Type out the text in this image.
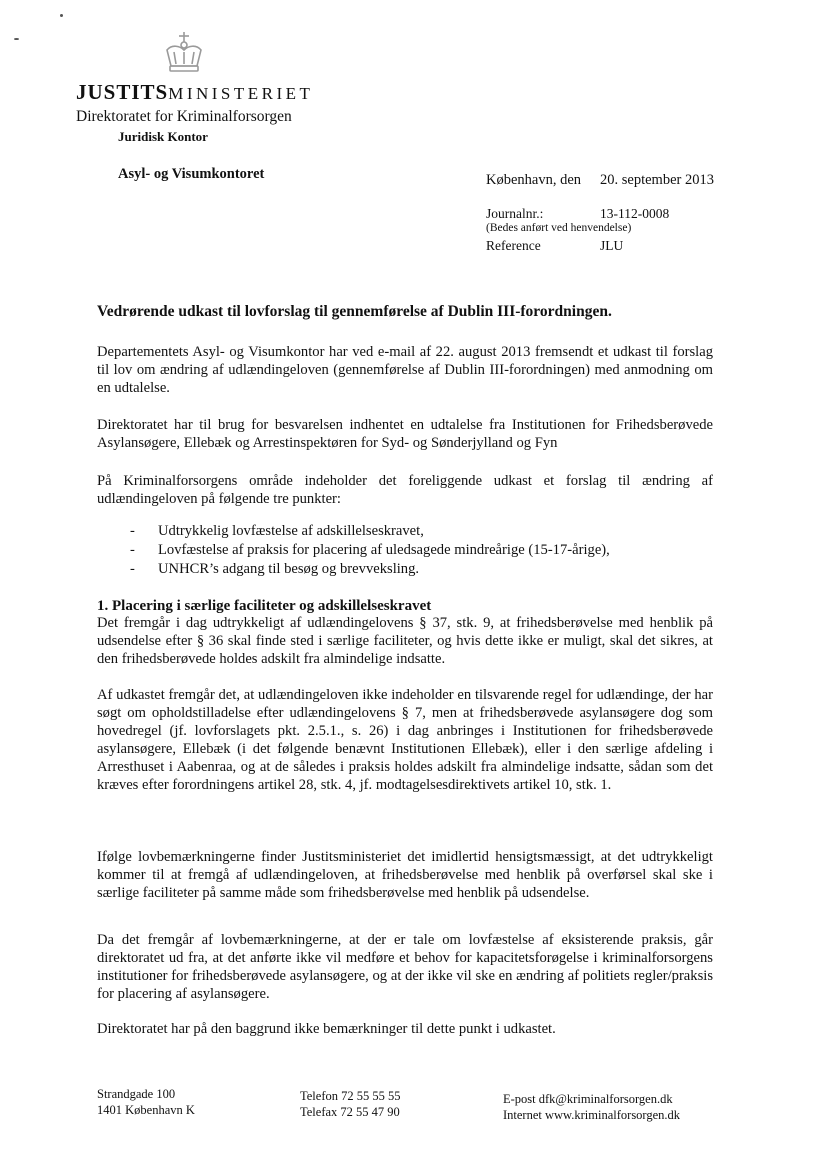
JUSTITSMINISTERIET
Direktoratet for Kriminalforsorgen
Juridisk Kontor
Asyl- og Visumkontoret	København, den 20. september 2013
Journalnr.:	13-112-0008
(Bedes anført ved henvendelse)
Reference	JLU
Vedrørende udkast til lovforslag til gennemførelse af Dublin III-forordningen.

Departementets Asyl- og Visumkontor har ved e-mail af 22. august 2013 fremsendt et udkast til forslag til lov om ændring af udlændingeloven (gennemførelse af Dublin III-forordningen) med anmodning om en udtalelse.

Direktoratet har til brug for besvarelsen indhentet en udtalelse fra Institutionen for Frihedsberøvede Asylansøgere, Ellebæk og Arrestinspektøren for Syd- og Sønderjylland og Fyn

På Kriminalforsorgens område indeholder det foreliggende udkast et forslag til ændring af udlændingeloven på følgende tre punkter:

- Udtrykkelig lovfæstelse af adskillelseskravet,
- Lovfæstelse af praksis for placering af uledsagede mindreårige (15-17-årige),
- UNHCR’s adgang til besøg og brevveksling.
1. Placering i særlige faciliteter og adskillelseskravet

Det fremgår i dag udtrykkeligt af udlændingelovens § 37, stk. 9, at frihedsberøvelse med henblik på udsendelse efter § 36 skal finde sted i særlige faciliteter, og hvis dette ikke er muligt, skal det sikres, at den frihedsberøvede holdes adskilt fra almindelige indsatte.

Af udkastet fremgår det, at udlændingeloven ikke indeholder en tilsvarende regel for udlændinge, der har søgt om opholdstilladelse efter udlændingelovens § 7, men at frihedsberøvede asylansøgere dog som hovedregel (jf. lovforslagets pkt. 2.5.1., s. 26) i dag anbringes i Institutionen for frihedsberøvede asylansøgere, Ellebæk (i det følgende benævnt Institutionen Ellebæk), eller i den særlige afdeling i Arresthuset i Aabenraa, og at de således i praksis holdes adskilt fra almindelige indsatte, sådan som det kræves efter forordningens artikel 28, stk. 4, jf. modtagelsesdirektivets artikel 10, stk. 1.

Ifølge lovbemærkningerne finder Justitsministeriet det imidlertid hensigtsmæssigt, at det udtrykkeligt kommer til at fremgå af udlændingeloven, at frihedsberøvelse med henblik på overførsel skal ske i særlige faciliteter på samme måde som frihedsberøvelse med henblik på udsendelse.

Da det fremgår af lovbemærkningerne, at der er tale om lovfæstelse af eksisterende praksis, går direktoratet ud fra, at det anførte ikke vil medføre et behov for kapacitetsforøgelse i kriminalforsorgens institutioner for frihedsberøvede asylansøgere, og at der ikke vil ske en ændring af politiets regler/praksis for placering af asylansøgere.

Direktoratet har på den baggrund ikke bemærkninger til dette punkt i udkastet.

Strandgade 100
1401 København K
Telefon 72 55 55 55
Telefax 72 55 47 90
E-post dfk@kriminalforsorgen.dk
Internet www.kriminalforsorgen.dk
